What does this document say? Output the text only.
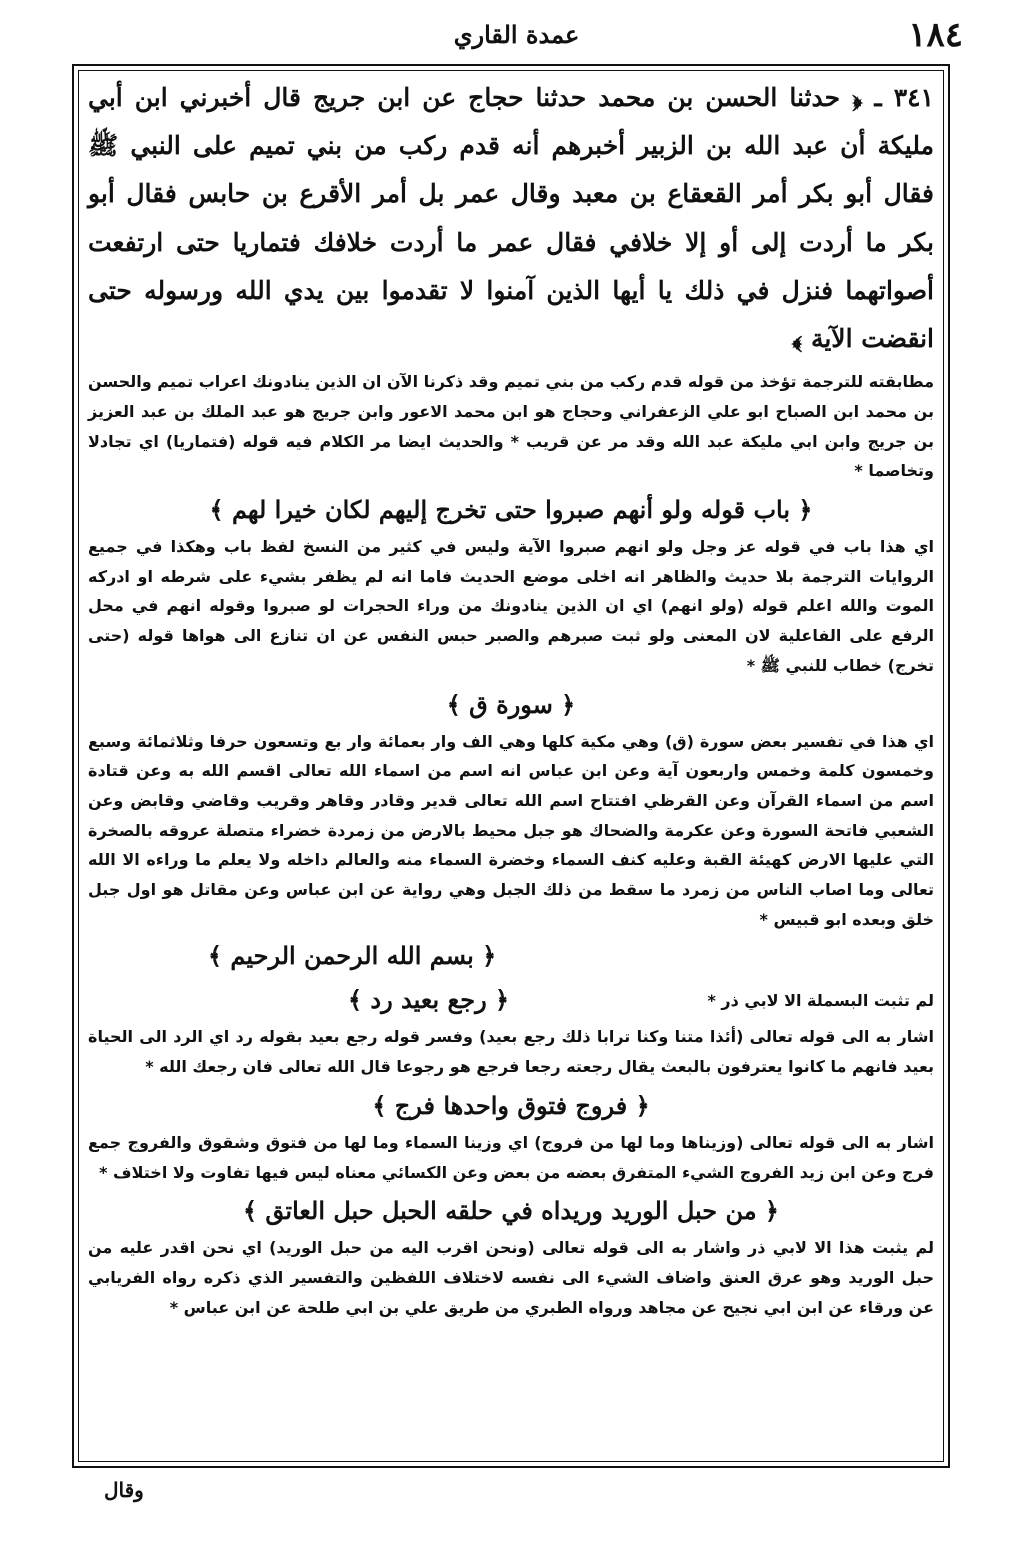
١٨٤
عمدة القاري

٣٤١ ـ ﴿ حدثنا الحسن بن محمد حدثنا حجاج عن ابن جريج قال أخبرني ابن أبي مليكة أن عبد الله بن الزبير أخبرهم أنه قدم ركب من بني تميم على النبي ﷺ فقال أبو بكر أمر القعقاع بن معبد وقال عمر بل أمر الأقرع بن حابس فقال أبو بكر ما أردت إلى أو إلا خلافي فقال عمر ما أردت خلافك فتماريا حتى ارتفعت أصواتهما فنزل في ذلك يا أيها الذين آمنوا لا تقدموا بين يدي الله ورسوله حتى انقضت الآية ﴾

مطابقته للترجمة تؤخذ من قوله قدم ركب من بني تميم وقد ذكرنا الآن ان الذين ينادونك اعراب تميم والحسن بن محمد ابن الصباح ابو علي الزعفراني وحجاج هو ابن محمد الاعور وابن جريج هو عبد الملك بن عبد العزيز بن جريج وابن ابي مليكة عبد الله وقد مر عن قريب * والحديث ايضا مر الكلام فيه قوله (فتماريا) اي تجادلا وتخاصما *

﴿ باب قوله ولو أنهم صبروا حتى تخرج إليهم لكان خيرا لهم ﴾

اي هذا باب في قوله عز وجل ولو انهم صبروا الآية وليس في كثير من النسخ لفظ باب وهكذا في جميع الروايات الترجمة بلا حديث والظاهر انه اخلى موضع الحديث فاما انه لم يظفر بشيء على شرطه او ادركه الموت والله اعلم قوله (ولو انهم) اي ان الذين ينادونك من وراء الحجرات لو صبروا وقوله انهم في محل الرفع على الفاعلية لان المعنى ولو ثبت صبرهم والصبر حبس النفس عن ان تنازع الى هواها قوله (حتى تخرج) خطاب للنبي ﷺ *

﴿ سورة ق ﴾

اي هذا في تفسير بعض سورة (ق) وهي مكية كلها وهي الف وار بعمائة وار بع وتسعون حرفا وثلاثمائة وسبع وخمسون كلمة وخمس واربعون آية وعن ابن عباس انه اسم من اسماء الله تعالى اقسم الله به وعن قتادة اسم من اسماء القرآن وعن القرظي افتتاح اسم الله تعالى قدير وقادر وقاهر وقريب وقاضي وقابض وعن الشعبي فاتحة السورة وعن عكرمة والضحاك هو جبل محيط بالارض من زمردة خضراء متصلة عروقه بالصخرة التي عليها الارض كهيئة القبة وعليه كنف السماء وخضرة السماء منه والعالم داخله ولا يعلم ما وراءه الا الله تعالى وما اصاب الناس من زمرد ما سقط من ذلك الجبل وهي رواية عن ابن عباس وعن مقاتل هو اول جبل خلق وبعده ابو قبيس *

﴿ بسم الله الرحمن الرحيم ﴾
لم تثبت البسملة الا لابي ذر *
﴿ رجع بعيد رد ﴾

اشار به الى قوله تعالى (أئذا متنا وكنا ترابا ذلك رجع بعيد) وفسر قوله رجع بعيد بقوله رد اي الرد الى الحياة بعيد فانهم ما كانوا يعترفون بالبعث يقال رجعته رجعا فرجع هو رجوعا قال الله تعالى فان رجعك الله *

﴿ فروج فتوق واحدها فرج ﴾

اشار به الى قوله تعالى (وزيناها وما لها من فروج) اي وزينا السماء وما لها من فتوق وشقوق والفروج جمع فرج وعن ابن زيد الفروج الشيء المتفرق بعضه من بعض وعن الكسائي معناه ليس فيها تفاوت ولا اختلاف *

﴿ من حبل الوريد وريداه في حلقه الحبل حبل العاتق ﴾

لم يثبت هذا الا لابي ذر واشار به الى قوله تعالى (ونحن اقرب اليه من حبل الوريد) اي نحن اقدر عليه من حبل الوريد وهو عرق العنق واضاف الشيء الى نفسه لاختلاف اللفظين والتفسير الذي ذكره رواه الفريابي عن ورقاء عن ابن ابي نجيح عن مجاهد ورواه الطبري من طريق علي بن ابي طلحة عن ابن عباس *

وقال
